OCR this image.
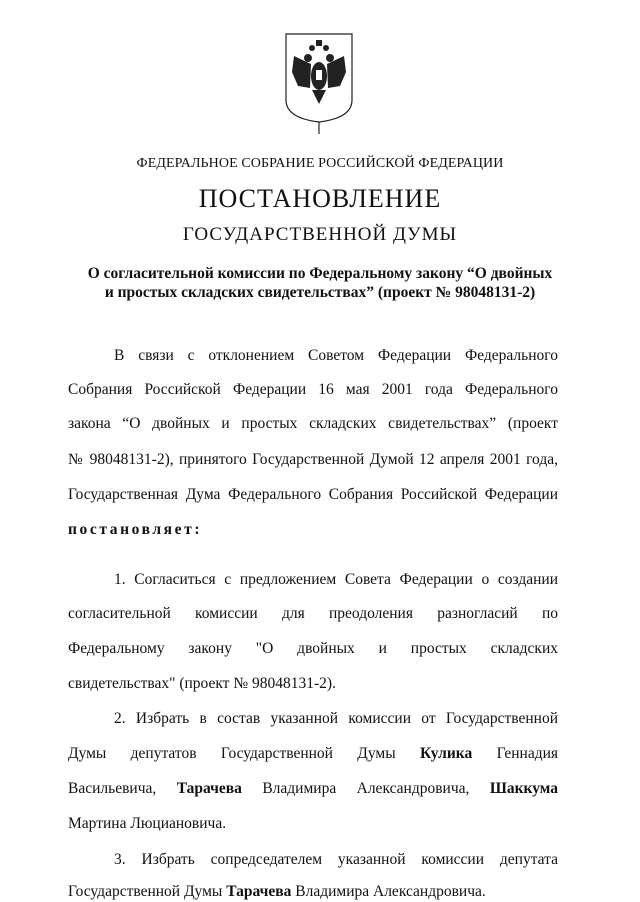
ФЕДЕРАЛЬНОЕ СОБРАНИЕ РОССИЙСКОЙ ФЕДЕРАЦИИ
ПОСТАНОВЛЕНИЕ
ГОСУДАРСТВЕННОЙ ДУМЫ
О согласительной комиссии по Федеральному закону “О двойных
и простых складских свидетельствах” (проект № 98048131-2)
В связи с отклонением Советом Федерации Федерального
Собрания Российской Федерации 16 мая 2001 года Федерального
закона “О двойных и простых складских свидетельствах” (проект
№ 98048131-2), принятого Государственной Думой 12 апреля 2001 года,
Государственная Дума Федерального Собрания Российской Федерации
постановляет:
1. Согласиться с предложением Совета Федерации о создании
согласительной комиссии для преодоления разногласий по
Федеральному закону "О двойных и простых складских
свидетельствах" (проект № 98048131-2).
2. Избрать в состав указанной комиссии от Государственной
Думы депутатов Государственной Думы Кулика Геннадия
Васильевича, Тарачева Владимира Александровича, Шаккума
Мартина Люциановича.
3. Избрать сопредседателем указанной комиссии депутата
Государственной Думы Тарачева Владимира Александровича.
